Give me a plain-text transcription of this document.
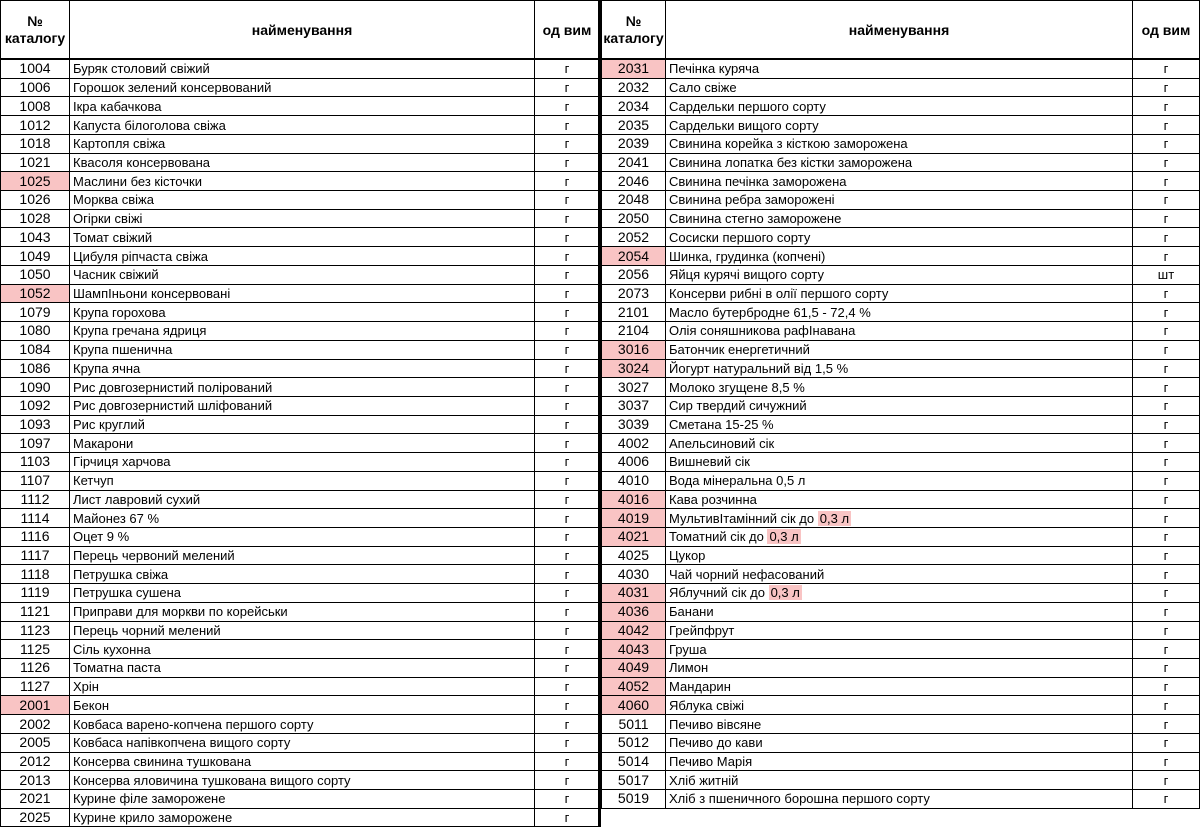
№
каталогу	найменування	од вим
1004	Буряк столовий свіжий	г
1006	Горошок зелений консервований	г
1008	Ікра кабачкова	г
1012	Капуста білоголова свіжа	г
1018	Картопля свіжа	г
1021	Квасоля консервована	г
1025	Маслини без кісточки	г
1026	Морква свіжа	г
1028	Огірки свіжі	г
1043	Томат свіжий	г
1049	Цибуля ріпчаста свіжа	г
1050	Часник свіжий	г
1052	ШампІньони консервовані	г
1079	Крупа горохова	г
1080	Крупа гречана ядриця	г
1084	Крупа пшенична	г
1086	Крупа ячна	г
1090	Рис довгозернистий полірований	г
1092	Рис довгозернистий шліфований	г
1093	Рис круглий	г
1097	Макарони	г
1103	Гірчиця харчова	г
1107	Кетчуп	г
1112	Лист лавровий сухий	г
1114	Майонез 67 %	г
1116	Оцет 9 %	г
1117	Перець червоний мелений	г
1118	Петрушка свіжа	г
1119	Петрушка сушена	г
1121	Приправи для моркви по корейськи	г
1123	Перець чорний мелений	г
1125	Сіль кухонна	г
1126	Томатна паста	г
1127	Хрін	г
2001	Бекон	г
2002	Ковбаса варено-копчена першого сорту	г
2005	Ковбаса напівкопчена вищого сорту	г
2012	Консерва свинина тушкована	г
2013	Консерва яловичина тушкована вищого сорту	г
2021	Курине філе заморожене	г
2025	Курине крило заморожене	г
№
каталогу	найменування	од вим
2031	Печінка куряча	г
2032	Сало свіже	г
2034	Сардельки першого сорту	г
2035	Сардельки вищого сорту	г
2039	Свинина корейка з кісткою заморожена	г
2041	Свинина лопатка без кістки заморожена	г
2046	Свинина печінка заморожена	г
2048	Свинина ребра заморожені	г
2050	Свинина стегно заморожене	г
2052	Сосиски першого сорту	г
2054	Шинка, грудинка (копчені)	г
2056	Яйця курячі вищого сорту	шт
2073	Консерви рибні в олії першого сорту	г
2101	Масло бутербродне 61,5 - 72,4 %	г
2104	Олія соняшникова рафІнавана	г
3016	Батончик енергетичний	г
3024	Йогурт натуральний від 1,5 %	г
3027	Молоко згущене 8,5 %	г
3037	Сир твердий сичужний	г
3039	Сметана 15-25 %	г
4002	Апельсиновий сік	г
4006	Вишневий сік	г
4010	Вода мінеральна 0,5 л	г
4016	Кава розчинна	г
4019	МультивІтамінний сік до 0,3 л	г
4021	Томатний сік до 0,3 л	г
4025	Цукор	г
4030	Чай чорний нефасований	г
4031	Яблучний сік до 0,3 л	г
4036	Банани	г
4042	Грейпфрут	г
4043	Груша	г
4049	Лимон	г
4052	Мандарин	г
4060	Яблука свіжі	г
5011	Печиво вівсяне	г
5012	Печиво до кави	г
5014	Печиво Марія	г
5017	Хліб житній	г
5019	Хліб з пшеничного борошна першого сорту	г
